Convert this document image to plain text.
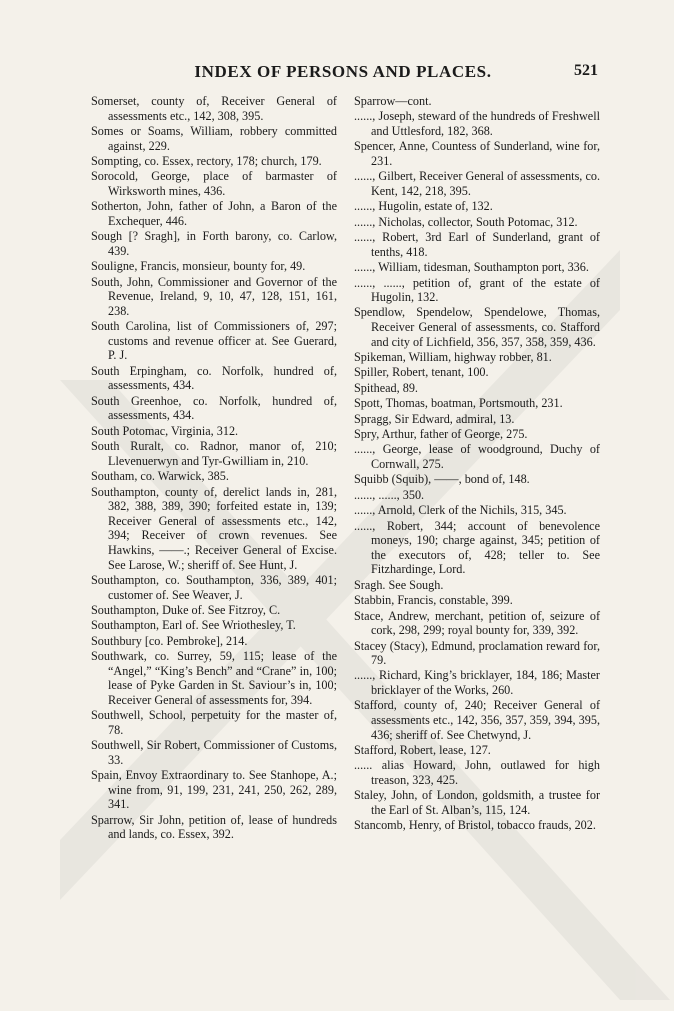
INDEX OF PERSONS AND PLACES.	521

Somerset, county of, Receiver General of assessments etc., 142, 308, 395.

Somes or Soams, William, robbery committed against, 229.

Sompting, co. Essex, rectory, 178; church, 179.

Sorocold, George, place of barmaster of Wirksworth mines, 436.

Sotherton, John, father of John, a Baron of the Exchequer, 446.

Sough [? Sragh], in Forth barony, co. Carlow, 439.

Souligne, Francis, monsieur, bounty for, 49.

South, John, Commissioner and Governor of the Revenue, Ireland, 9, 10, 47, 128, 151, 161, 238.

South Carolina, list of Commissioners of, 297; customs and revenue officer at. See Guerard, P. J.

South Erpingham, co. Norfolk, hundred of, assessments, 434.

South Greenhoe, co. Norfolk, hundred of, assessments, 434.

South Potomac, Virginia, 312.

South Ruralt, co. Radnor, manor of, 210; Llevenuerwyn and Tyr-Gwilliam in, 210.

Southam, co. Warwick, 385.

Southampton, county of, derelict lands in, 281, 382, 388, 389, 390; forfeited estate in, 139; Receiver General of assessments etc., 142, 394; Receiver of crown revenues. See Hawkins, ——.; Receiver General of Excise. See Larose, W.; sheriff of. See Hunt, J.

Southampton, co. Southampton, 336, 389, 401; customer of. See Weaver, J.

Southampton, Duke of. See Fitzroy, C.

Southampton, Earl of. See Wriothesley, T.

Southbury [co. Pembroke], 214.

Southwark, co. Surrey, 59, 115; lease of the “Angel,” “King’s Bench” and “Crane” in, 100; lease of Pyke Garden in St. Saviour’s in, 100; Receiver General of assessments for, 394.

Southwell, School, perpetuity for the master of, 78.

Southwell, Sir Robert, Commissioner of Customs, 33.

Spain, Envoy Extraordinary to. See Stanhope, A.; wine from, 91, 199, 231, 241, 250, 262, 289, 341.

Sparrow, Sir John, petition of, lease of hundreds and lands, co. Essex, 392.

Sparrow—cont.

......, Joseph, steward of the hundreds of Freshwell and Uttlesford, 182, 368.

Spencer, Anne, Countess of Sunderland, wine for, 231.

......, Gilbert, Receiver General of assessments, co. Kent, 142, 218, 395.

......, Hugolin, estate of, 132.

......, Nicholas, collector, South Potomac, 312.

......, Robert, 3rd Earl of Sunderland, grant of tenths, 418.

......, William, tidesman, Southampton port, 336.

......, ......, petition of, grant of the estate of Hugolin, 132.

Spendlow, Spendelow, Spendelowe, Thomas, Receiver General of assessments, co. Stafford and city of Lichfield, 356, 357, 358, 359, 436.

Spikeman, William, highway robber, 81.

Spiller, Robert, tenant, 100.

Spithead, 89.

Spott, Thomas, boatman, Portsmouth, 231.

Spragg, Sir Edward, admiral, 13.

Spry, Arthur, father of George, 275.

......, George, lease of woodground, Duchy of Cornwall, 275.

Squibb (Squib), ——, bond of, 148.

......, ......, 350.

......, Arnold, Clerk of the Nichils, 315, 345.

......, Robert, 344; account of benevolence moneys, 190; charge against, 345; petition of the executors of, 428; teller to. See Fitzhardinge, Lord.

Sragh. See Sough.

Stabbin, Francis, constable, 399.

Stace, Andrew, merchant, petition of, seizure of cork, 298, 299; royal bounty for, 339, 392.

Stacey (Stacy), Edmund, proclamation reward for, 79.

......, Richard, King’s bricklayer, 184, 186; Master bricklayer of the Works, 260.

Stafford, county of, 240; Receiver General of assessments etc., 142, 356, 357, 359, 394, 395, 436; sheriff of. See Chetwynd, J.

Stafford, Robert, lease, 127.

...... alias Howard, John, outlawed for high treason, 323, 425.

Staley, John, of London, goldsmith, a trustee for the Earl of St. Alban’s, 115, 124.

Stancomb, Henry, of Bristol, tobacco frauds, 202.
